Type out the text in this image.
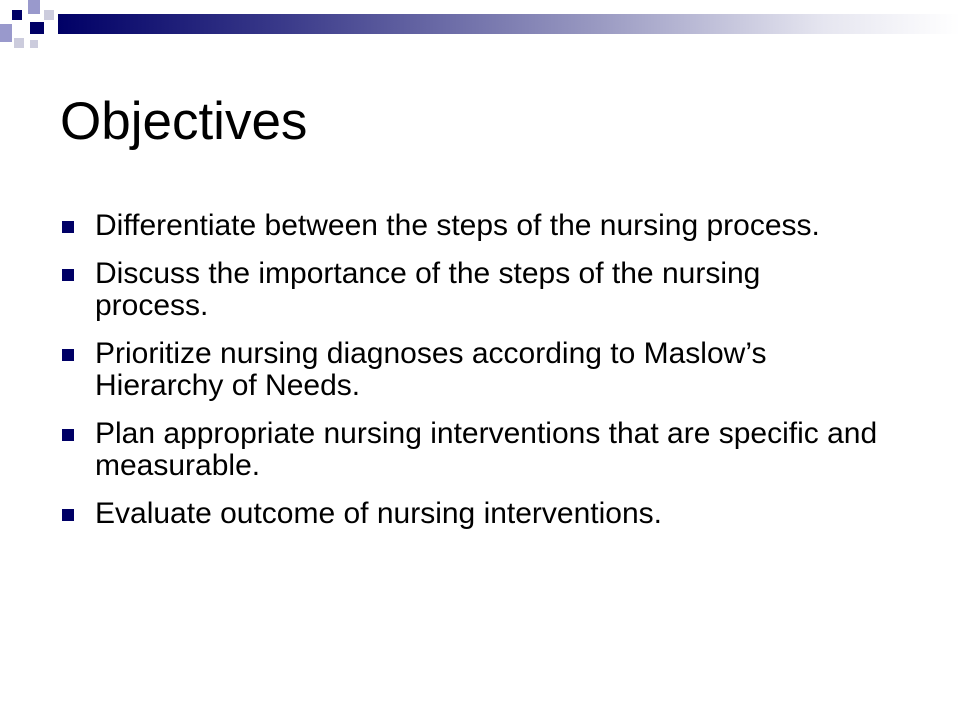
Objectives
Differentiate between the steps of the nursing process.
Discuss the importance of the steps of the nursing process.
Prioritize nursing diagnoses according to Maslow’s Hierarchy of Needs.
Plan appropriate nursing interventions that are specific and measurable.
Evaluate outcome of nursing interventions.
